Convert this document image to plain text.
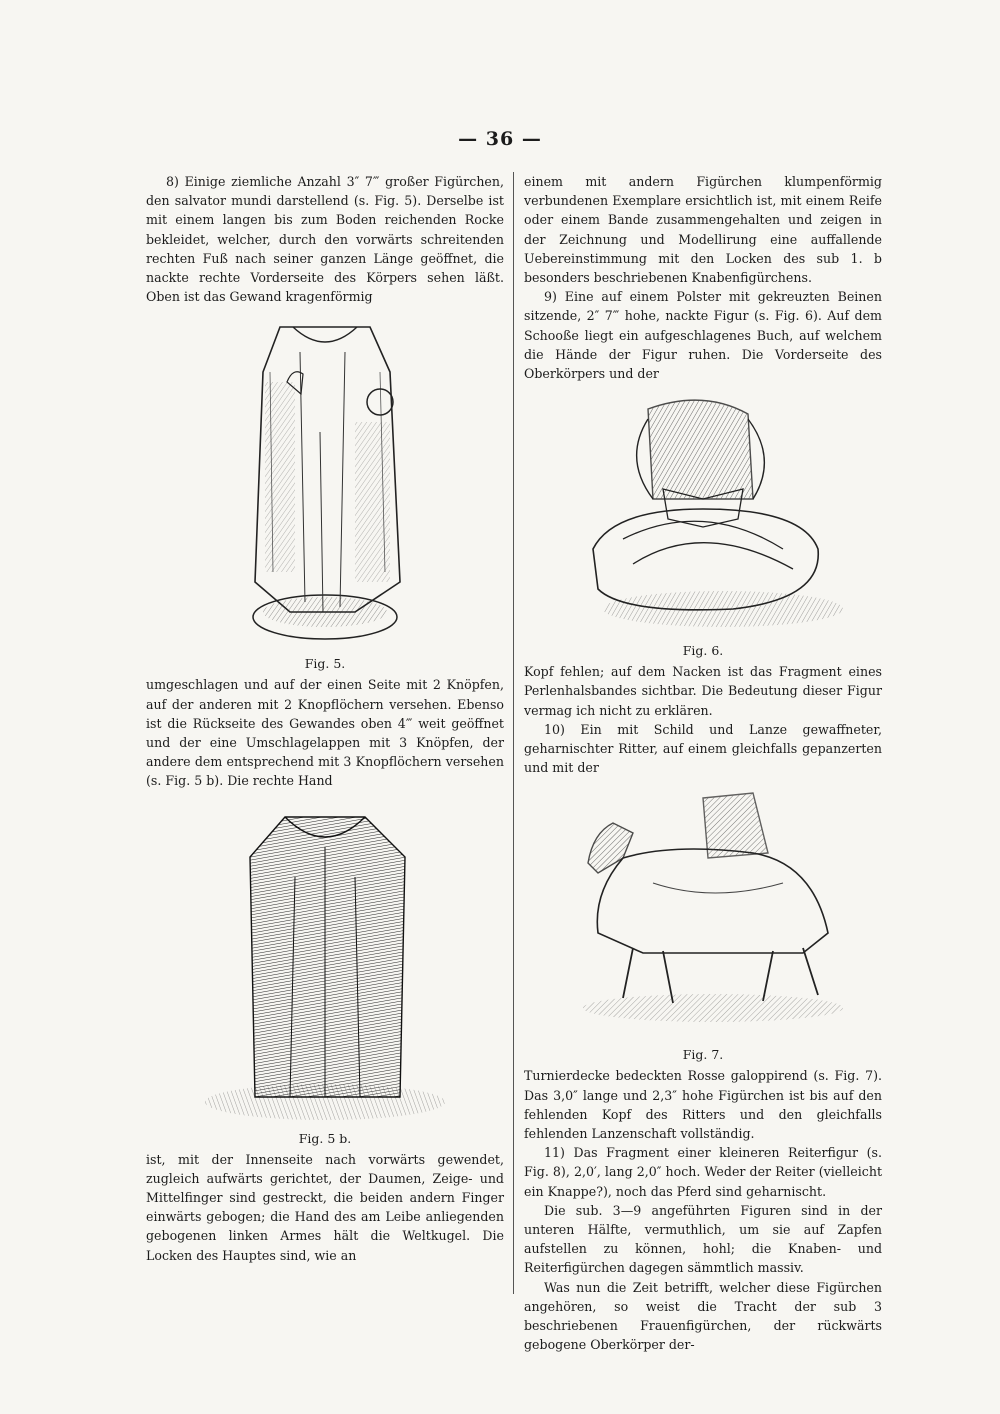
— 36 —

8) Einige ziemliche Anzahl 3″ 7‴ großer Figürchen, den salvator mundi darstellend (s. Fig. 5). Derselbe ist mit einem langen bis zum Boden reichenden Rocke bekleidet, welcher, durch den vorwärts schreitenden rechten Fuß nach seiner ganzen Länge geöffnet, die nackte rechte Vorderseite des Körpers sehen läßt. Oben ist das Gewand kragenförmig

Fig. 5.

umgeschlagen und auf der einen Seite mit 2 Knöpfen, auf der anderen mit 2 Knopflöchern versehen. Ebenso ist die Rückseite des Gewandes oben 4‴ weit geöffnet und der eine Umschlagelappen mit 3 Knöpfen, der andere dem entsprechend mit 3 Knopflöchern versehen (s. Fig. 5 b). Die rechte Hand

Fig. 5 b.

ist, mit der Innenseite nach vorwärts gewendet, zugleich aufwärts gerichtet, der Daumen, Zeige- und Mittelfinger sind gestreckt, die beiden andern Finger einwärts gebogen; die Hand des am Leibe anliegenden gebogenen linken Armes hält die Weltkugel. Die Locken des Hauptes sind, wie an

einem mit andern Figürchen klumpenförmig verbundenen Exemplare ersichtlich ist, mit einem Reife oder einem Bande zusammengehalten und zeigen in der Zeichnung und Modellirung eine auffallende Uebereinstimmung mit den Locken des sub 1. b besonders beschriebenen Knabenfigürchens.

9) Eine auf einem Polster mit gekreuzten Beinen sitzende, 2″ 7‴ hohe, nackte Figur (s. Fig. 6). Auf dem Schooße liegt ein aufgeschlagenes Buch, auf welchem die Hände der Figur ruhen. Die Vorderseite des Oberkörpers und der

Fig. 6.

Kopf fehlen; auf dem Nacken ist das Fragment eines Perlenhalsbandes sichtbar. Die Bedeutung dieser Figur vermag ich nicht zu erklären.

10) Ein mit Schild und Lanze gewaffneter, geharnischter Ritter, auf einem gleichfalls gepanzerten und mit der

Fig. 7.

Turnierdecke bedeckten Rosse galoppirend (s. Fig. 7). Das 3,0″ lange und 2,3″ hohe Figürchen ist bis auf den fehlenden Kopf des Ritters und den gleichfalls fehlenden Lanzenschaft vollständig.

11) Das Fragment einer kleineren Reiterfigur (s. Fig. 8), 2,0′, lang 2,0″ hoch. Weder der Reiter (vielleicht ein Knappe?), noch das Pferd sind geharnischt.

Die sub. 3—9 angeführten Figuren sind in der unteren Hälfte, vermuthlich, um sie auf Zapfen aufstellen zu können, hohl; die Knaben- und Reiterfigürchen dagegen sämmtlich massiv.

Was nun die Zeit betrifft, welcher diese Figürchen angehören, so weist die Tracht der sub 3 beschriebenen Frauenfigürchen, der rückwärts gebogene Oberkörper der-
